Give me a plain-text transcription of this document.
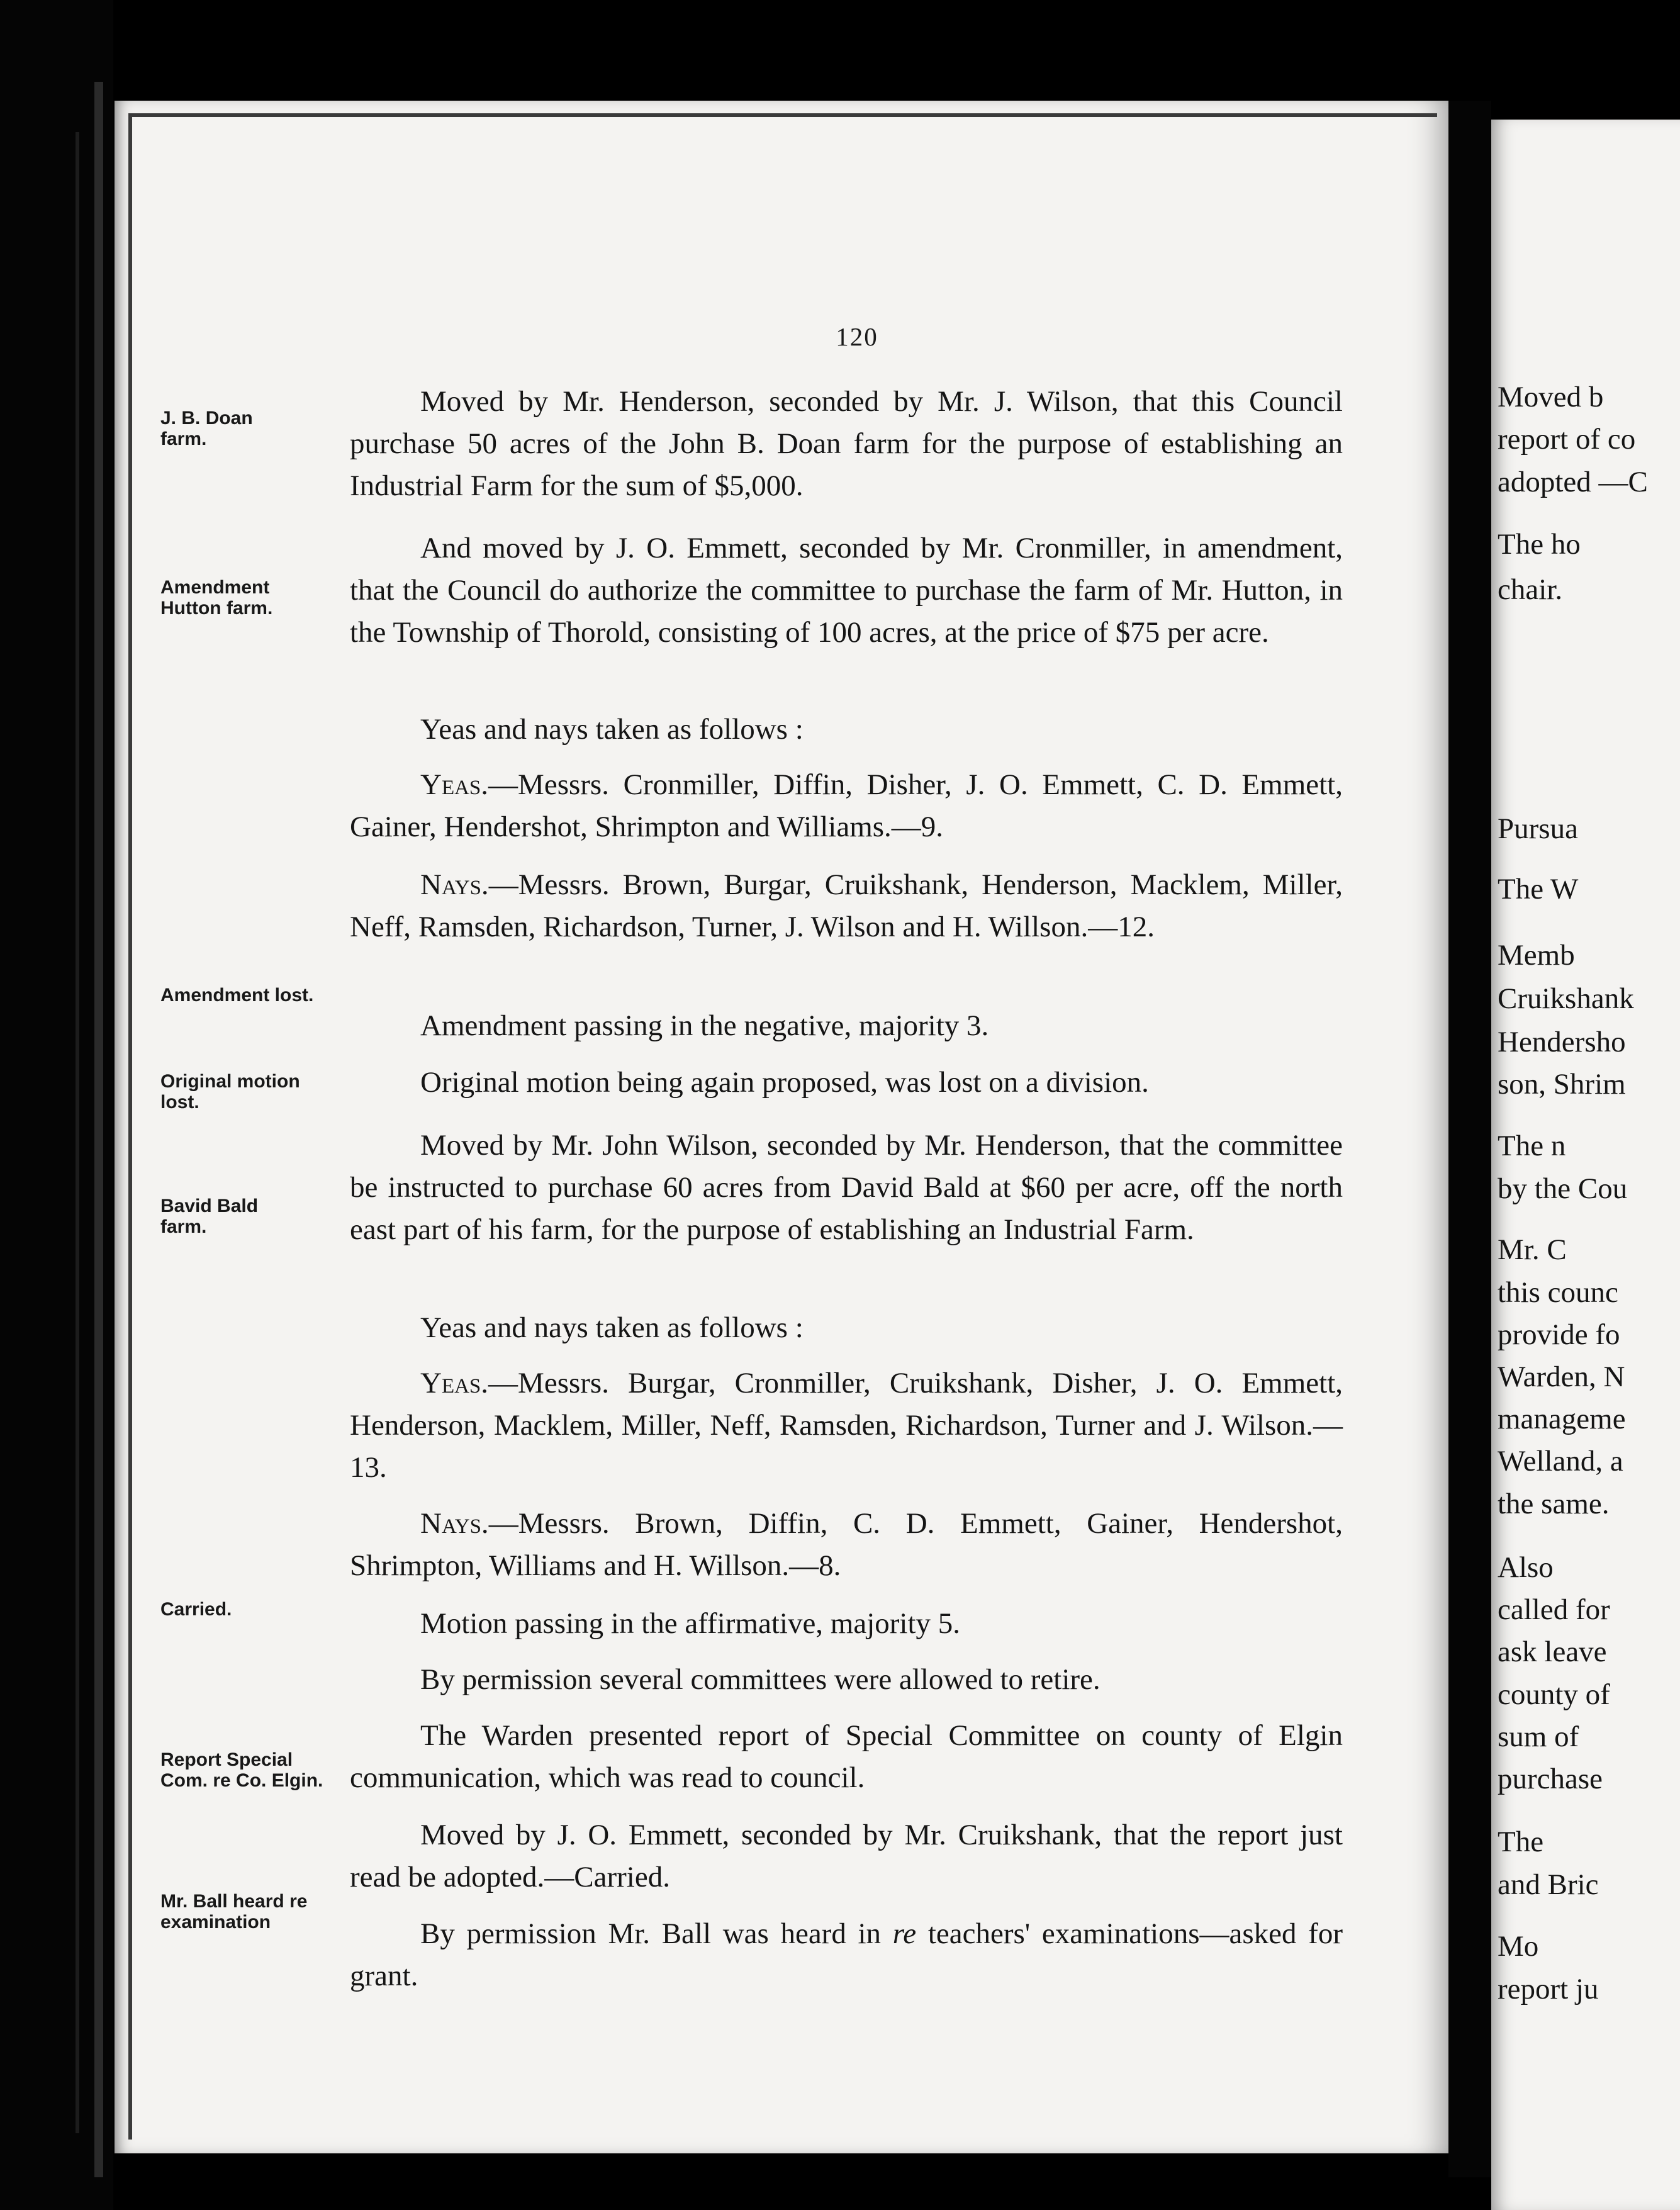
120

J. B. Doan farm.

Amendment Hutton farm.

Amendment lost.

Original motion lost.

Bavid Bald farm.

Carried.

Report Special Com. re Co. Elgin.

Mr. Ball heard re examination

Moved by Mr. Henderson, seconded by Mr. J. Wilson, that this Council purchase 50 acres of the John B. Doan farm for the purpose of establishing an Industrial Farm for the sum of $5,000.

And moved by J. O. Emmett, seconded by Mr. Cronmiller, in amendment, that the Council do authorize the committee to purchase the farm of Mr. Hutton, in the Township of Thorold, consisting of 100 acres, at the price of $75 per acre.

Yeas and nays taken as follows :

Yeas.—Messrs. Cronmiller, Diffin, Disher, J. O. Emmett, C. D. Emmett, Gainer, Hendershot, Shrimpton and Williams.—9.

Nays.—Messrs. Brown, Burgar, Cruikshank, Henderson, Macklem, Miller, Neff, Ramsden, Richardson, Turner, J. Wilson and H. Willson.—12.

Amendment passing in the negative, majority 3.

Original motion being again proposed, was lost on a division.

Moved by Mr. John Wilson, seconded by Mr. Henderson, that the committee be instructed to purchase 60 acres from David Bald at $60 per acre, off the north east part of his farm, for the purpose of establishing an Industrial Farm.

Yeas and nays taken as follows :

Yeas.—Messrs. Burgar, Cronmiller, Cruikshank, Disher, J. O. Emmett, Henderson, Macklem, Miller, Neff, Ramsden, Richardson, Turner and J. Wilson.—13.

Nays.—Messrs. Brown, Diffin, C. D. Emmett, Gainer, Hendershot, Shrimpton, Williams and H. Willson.—8.

Motion passing in the affirmative, majority 5.

By permission several committees were allowed to retire.

The Warden presented report of Special Committee on county of Elgin communication, which was read to council.

Moved by J. O. Emmett, seconded by Mr. Cruikshank, that the report just read be adopted.—Carried.

By permission Mr. Ball was heard in re teachers' examinations—asked for grant.

Moved b
report of co
adopted —C
The ho
chair.
Pursua
The W
Memb
Cruikshank
Hendersho
son, Shrim
The n
by the Cou
Mr. C
this counc
provide fo
Warden, N
manageme
Welland, a
the same.
Also
called for
ask leave
county of
sum of
purchase
The
and Bric
Mo
report ju
